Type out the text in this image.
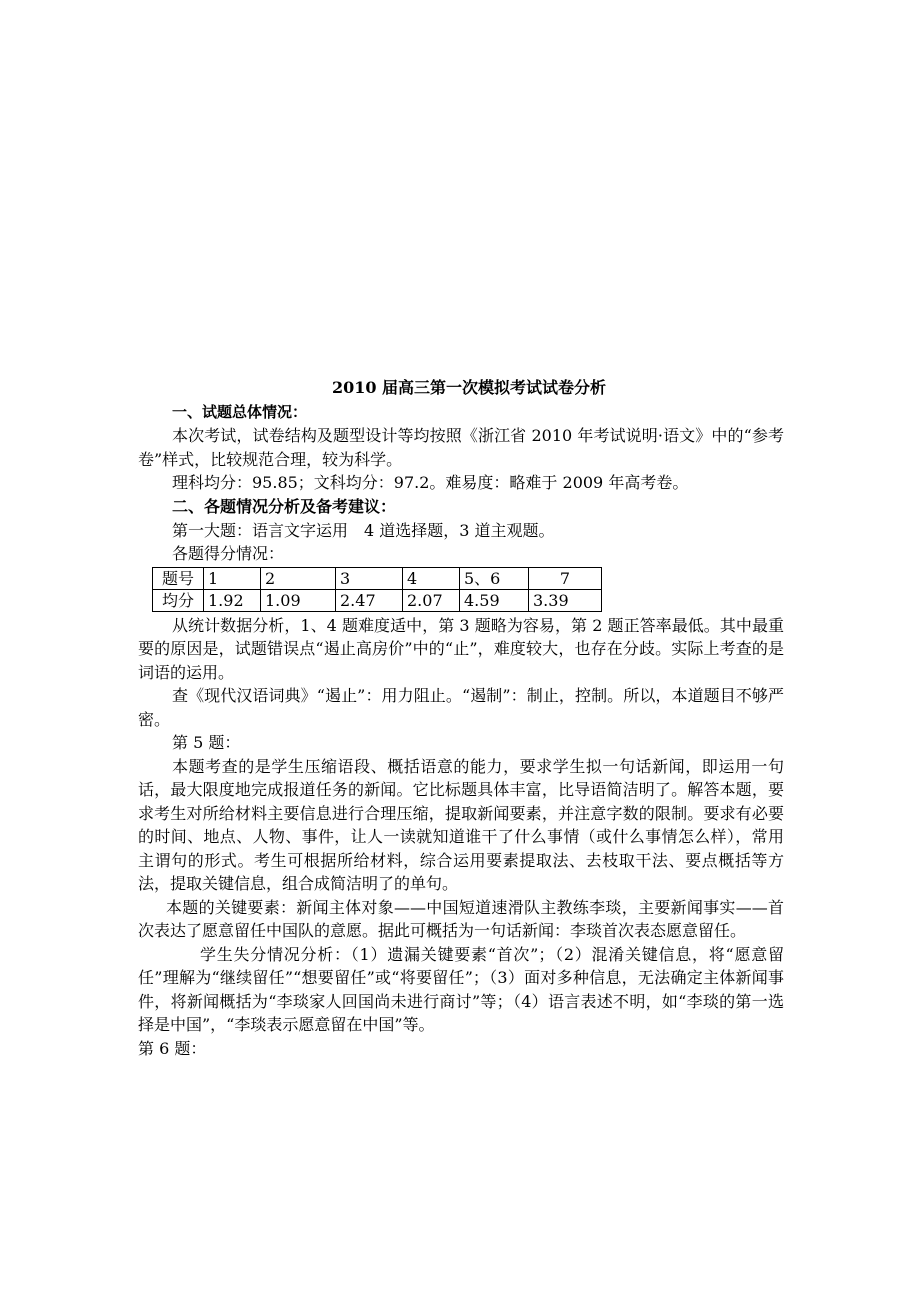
2010 届高三第一次模拟考试试卷分析
一、试题总体情况：

本次考试，试卷结构及题型设计等均按照《浙江省 2010 年考试说明·语文》中的“参考卷”样式，比较规范合理，较为科学。

理科均分：95.85；文科均分：97.2。难易度：略难于 2009 年高考卷。

二、各题情况分析及备考建议：

第一大题：语言文字运用　4 道选择题，3 道主观题。

各题得分情况：

题号	1	2	3	4	5、6	7
均分	1.92	1.09	2.47	2.07	4.59	3.39

从统计数据分析，1、4 题难度适中，第 3 题略为容易，第 2 题正答率最低。其中最重要的原因是，试题错误点“遏止高房价”中的“止”，难度较大，也存在分歧。实际上考查的是词语的运用。

查《现代汉语词典》“遏止”：用力阻止。“遏制”：制止，控制。所以，本道题目不够严密。

第 5 题：

本题考查的是学生压缩语段、概括语意的能力，要求学生拟一句话新闻，即运用一句话，最大限度地完成报道任务的新闻。它比标题具体丰富，比导语简洁明了。解答本题，要求考生对所给材料主要信息进行合理压缩，提取新闻要素，并注意字数的限制。要求有必要的时间、地点、人物、事件，让人一读就知道谁干了什么事情（或什么事情怎么样），常用主谓句的形式。考生可根据所给材料，综合运用要素提取法、去枝取干法、要点概括等方法，提取关键信息，组合成简洁明了的单句。

本题的关键要素：新闻主体对象——中国短道速滑队主教练李琰，主要新闻事实——首次表达了愿意留任中国队的意愿。据此可概括为一句话新闻：李琰首次表态愿意留任。

学生失分情况分析：（1）遗漏关键要素“首次”；（2）混淆关键信息，将“愿意留任”理解为“继续留任”“想要留任”或“将要留任”；（3）面对多种信息，无法确定主体新闻事件，将新闻概括为“李琰家人回国尚未进行商讨”等；（4）语言表述不明，如“李琰的第一选择是中国”，“李琰表示愿意留在中国”等。

第 6 题：
